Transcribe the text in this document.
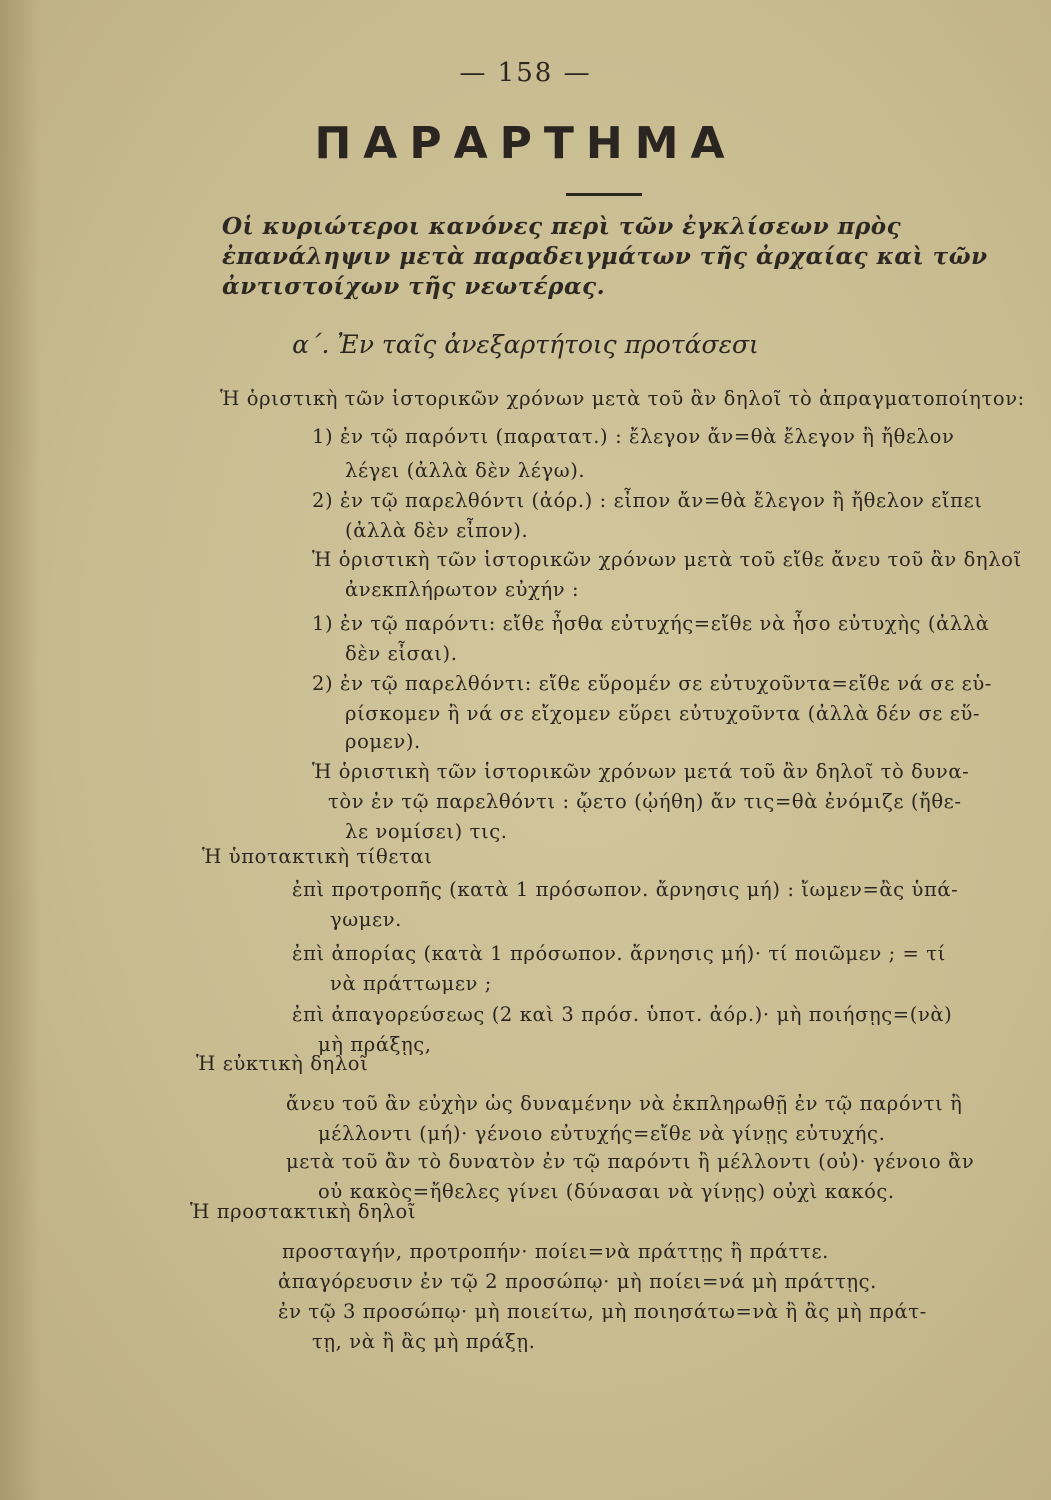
— 158 —
ΠΑΡΑΡΤΗΜΑ
Οἱ κυριώτεροι κανόνες περὶ τῶν ἐγκλίσεων πρὸς ἐπανάληψιν μετὰ παραδειγμάτων τῆς ἀρχαίας καὶ τῶν ἀντιστοίχων τῆς νεωτέρας.
α΄. Ἐν ταῖς ἀνεξαρτήτοις προτάσεσι
Ἡ ὁριστικὴ τῶν ἱστορικῶν χρόνων μετὰ τοῦ ἂν δηλοῖ τὸ ἀπραγματοποίητον:
1) ἐν τῷ παρόντι (παρατατ.) : ἔλεγον ἄν=θὰ ἔλεγον ἢ ἤθελον
λέγει (ἀλλὰ δὲν λέγω).
2) ἐν τῷ παρελθόντι (ἀόρ.) : εἶπον ἄν=θὰ ἔλεγον ἢ ἤθελον εἴπει
(ἀλλὰ δὲν εἶπον).
Ἡ ὁριστικὴ τῶν ἱστορικῶν χρόνων μετὰ τοῦ εἴθε ἄνευ τοῦ ἂν δηλοῖ
ἀνεκπλήρωτον εὐχήν :
1) ἐν τῷ παρόντι: εἴθε ἦσθα εὐτυχής=εἴθε νὰ ἦσο εὐτυχὴς (ἀλλὰ
δὲν εἶσαι).
2) ἐν τῷ παρελθόντι: εἴθε εὕρομέν σε εὐτυχοῦντα=εἴθε νά σε εὑ-
ρίσκομεν ἢ νά σε εἴχομεν εὕρει εὐτυχοῦντα (ἀλλὰ δέν σε εὕ-
ρομεν).
Ἡ ὁριστικὴ τῶν ἱστορικῶν χρόνων μετά τοῦ ἂν δηλοῖ τὸ δυνα-
τὸν ἐν τῷ παρελθόντι : ᾤετο (ᾠήθη) ἄν τις=θὰ ἐνόμιζε (ἤθε-
λε νομίσει) τις.
Ἡ ὑποτακτικὴ τίθεται
ἐπὶ προτροπῆς (κατὰ 1 πρόσωπον. ἄρνησις μή) : ἴωμεν=ἂς ὑπά-
γωμεν.
ἐπὶ ἀπορίας (κατὰ 1 πρόσωπον. ἄρνησις μή)· τί ποιῶμεν ; = τί
νὰ πράττωμεν ;
ἐπὶ ἀπαγορεύσεως (2 καὶ 3 πρόσ. ὑποτ. ἀόρ.)· μὴ ποιήσῃς=(νὰ)
μὴ πράξῃς,
Ἡ εὐκτικὴ δηλοῖ
ἄνευ τοῦ ἂν εὐχὴν ὡς δυναμένην νὰ ἐκπληρωθῇ ἐν τῷ παρόντι ἢ
μέλλοντι (μή)· γένοιο εὐτυχής=εἴθε νὰ γίνῃς εὐτυχής.
μετὰ τοῦ ἂν τὸ δυνατὸν ἐν τῷ παρόντι ἢ μέλλοντι (οὐ)· γένοιο ἂν
οὐ κακὸς=ἤθελες γίνει (δύνασαι νὰ γίνῃς) οὐχὶ κακός.
Ἡ προστακτικὴ δηλοῖ
προσταγήν, προτροπήν· ποίει=νὰ πράττῃς ἢ πράττε.
ἀπαγόρευσιν ἐν τῷ 2 προσώπῳ· μὴ ποίει=νά μὴ πράττῃς.
ἐν τῷ 3 προσώπῳ· μὴ ποιείτω, μὴ ποιησάτω=νὰ ἢ ἂς μὴ πράτ-
τῃ, νὰ ἢ ἂς μὴ πράξῃ.
